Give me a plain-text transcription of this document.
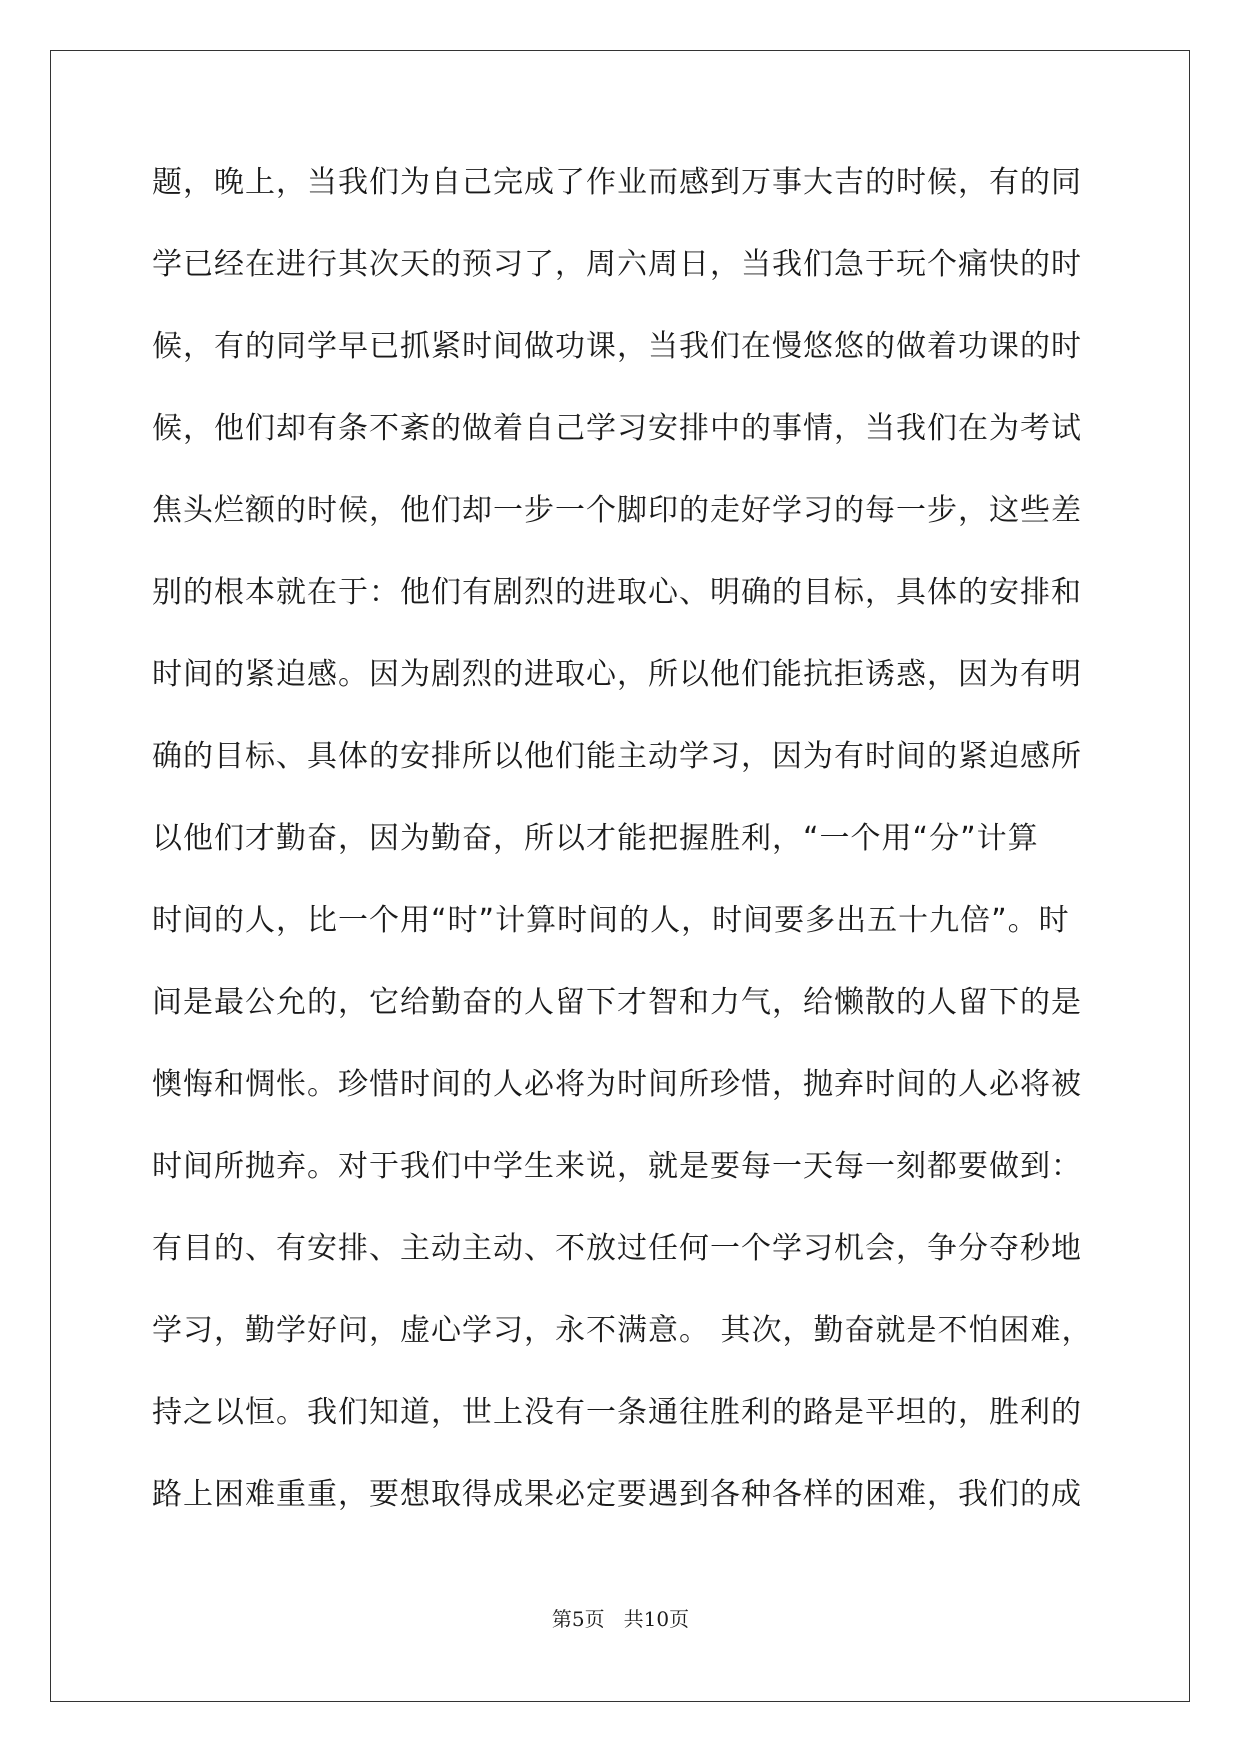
题，晚上，当我们为自己完成了作业而感到万事大吉的时候，有的同
学已经在进行其次天的预习了，周六周日，当我们急于玩个痛快的时
候，有的同学早已抓紧时间做功课，当我们在慢悠悠的做着功课的时
候，他们却有条不紊的做着自己学习安排中的事情，当我们在为考试
焦头烂额的时候，他们却一步一个脚印的走好学习的每一步，这些差
别的根本就在于：他们有剧烈的进取心、明确的目标，具体的安排和
时间的紧迫感。因为剧烈的进取心，所以他们能抗拒诱惑，因为有明
确的目标、具体的安排所以他们能主动学习，因为有时间的紧迫感所
以他们才勤奋，因为勤奋，所以才能把握胜利，“一个用“分”计算
时间的人，比一个用“时”计算时间的人，时间要多出五十九倍”。时
间是最公允的，它给勤奋的人留下才智和力气，给懒散的人留下的是
懊悔和惆怅。珍惜时间的人必将为时间所珍惜，抛弃时间的人必将被
时间所抛弃。对于我们中学生来说，就是要每一天每一刻都要做到：
有目的、有安排、主动主动、不放过任何一个学习机会，争分夺秒地
学习，勤学好问，虚心学习，永不满意。 其次，勤奋就是不怕困难，
持之以恒。我们知道，世上没有一条通往胜利的路是平坦的，胜利的
路上困难重重，要想取得成果必定要遇到各种各样的困难，我们的成
第5页   共10页
